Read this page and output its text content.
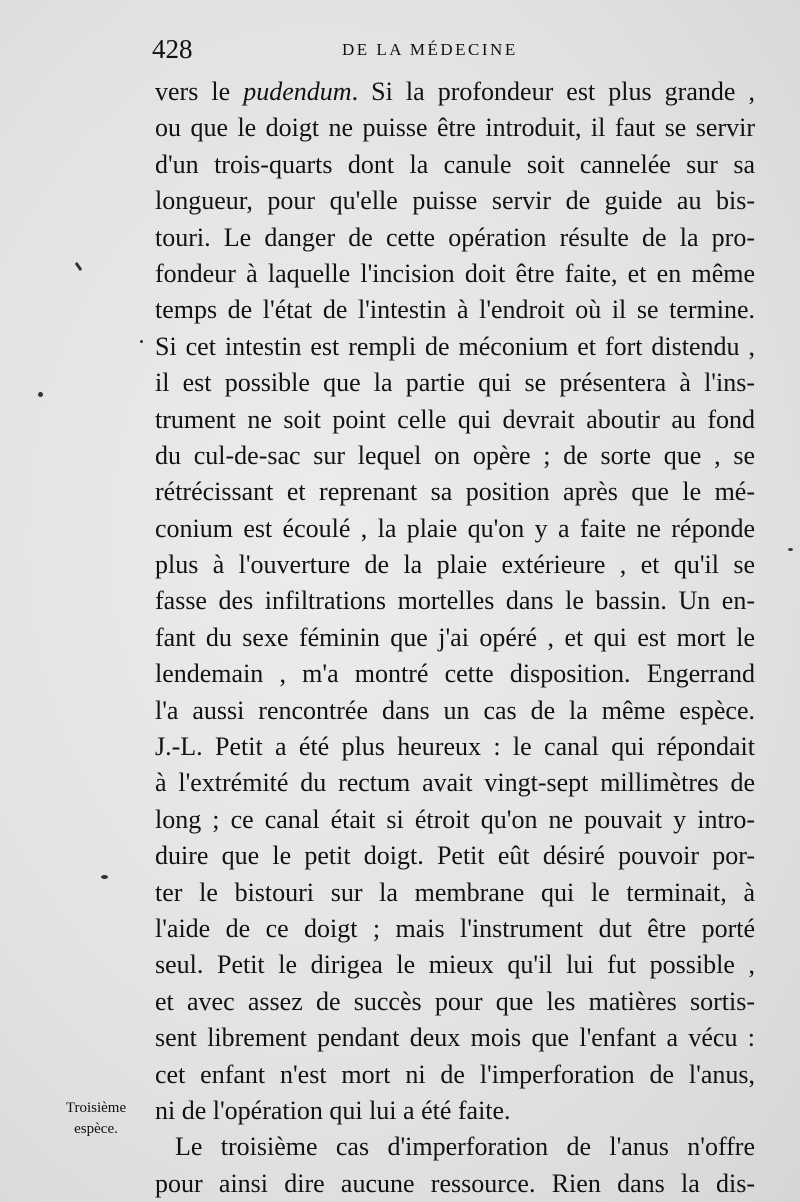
428	DE LA MÉDECINE
vers le pudendum. Si la profondeur est plus grande ,
ou que le doigt ne puisse être introduit, il faut se servir
d'un trois-quarts dont la canule soit cannelée sur sa
longueur, pour qu'elle puisse servir de guide au bis-
touri. Le danger de cette opération résulte de la pro-
fondeur à laquelle l'incision doit être faite, et en même
temps de l'état de l'intestin à l'endroit où il se termine.
Si cet intestin est rempli de méconium et fort distendu ,
il est possible que la partie qui se présentera à l'ins-
trument ne soit point celle qui devrait aboutir au fond
du cul-de-sac sur lequel on opère ; de sorte que , se
rétrécissant et reprenant sa position après que le mé-
conium est écoulé , la plaie qu'on y a faite ne réponde
plus à l'ouverture de la plaie extérieure , et qu'il se
fasse des infiltrations mortelles dans le bassin. Un en-
fant du sexe féminin que j'ai opéré , et qui est mort le
lendemain , m'a montré cette disposition. Engerrand
l'a aussi rencontrée dans un cas de la même espèce.
J.-L. Petit a été plus heureux : le canal qui répondait
à l'extrémité du rectum avait vingt-sept millimètres de
long ; ce canal était si étroit qu'on ne pouvait y intro-
duire que le petit doigt. Petit eût désiré pouvoir por-
ter le bistouri sur la membrane qui le terminait, à
l'aide de ce doigt ; mais l'instrument dut être porté
seul. Petit le dirigea le mieux qu'il lui fut possible ,
et avec assez de succès pour que les matières sortis-
sent librement pendant deux mois que l'enfant a vécu :
cet enfant n'est mort ni de l'imperforation de l'anus,
ni de l'opération qui lui a été faite.
Le troisième cas d'imperforation de l'anus n'offre
pour ainsi dire aucune ressource. Rien dans la dis-
Troisième
espèce.
